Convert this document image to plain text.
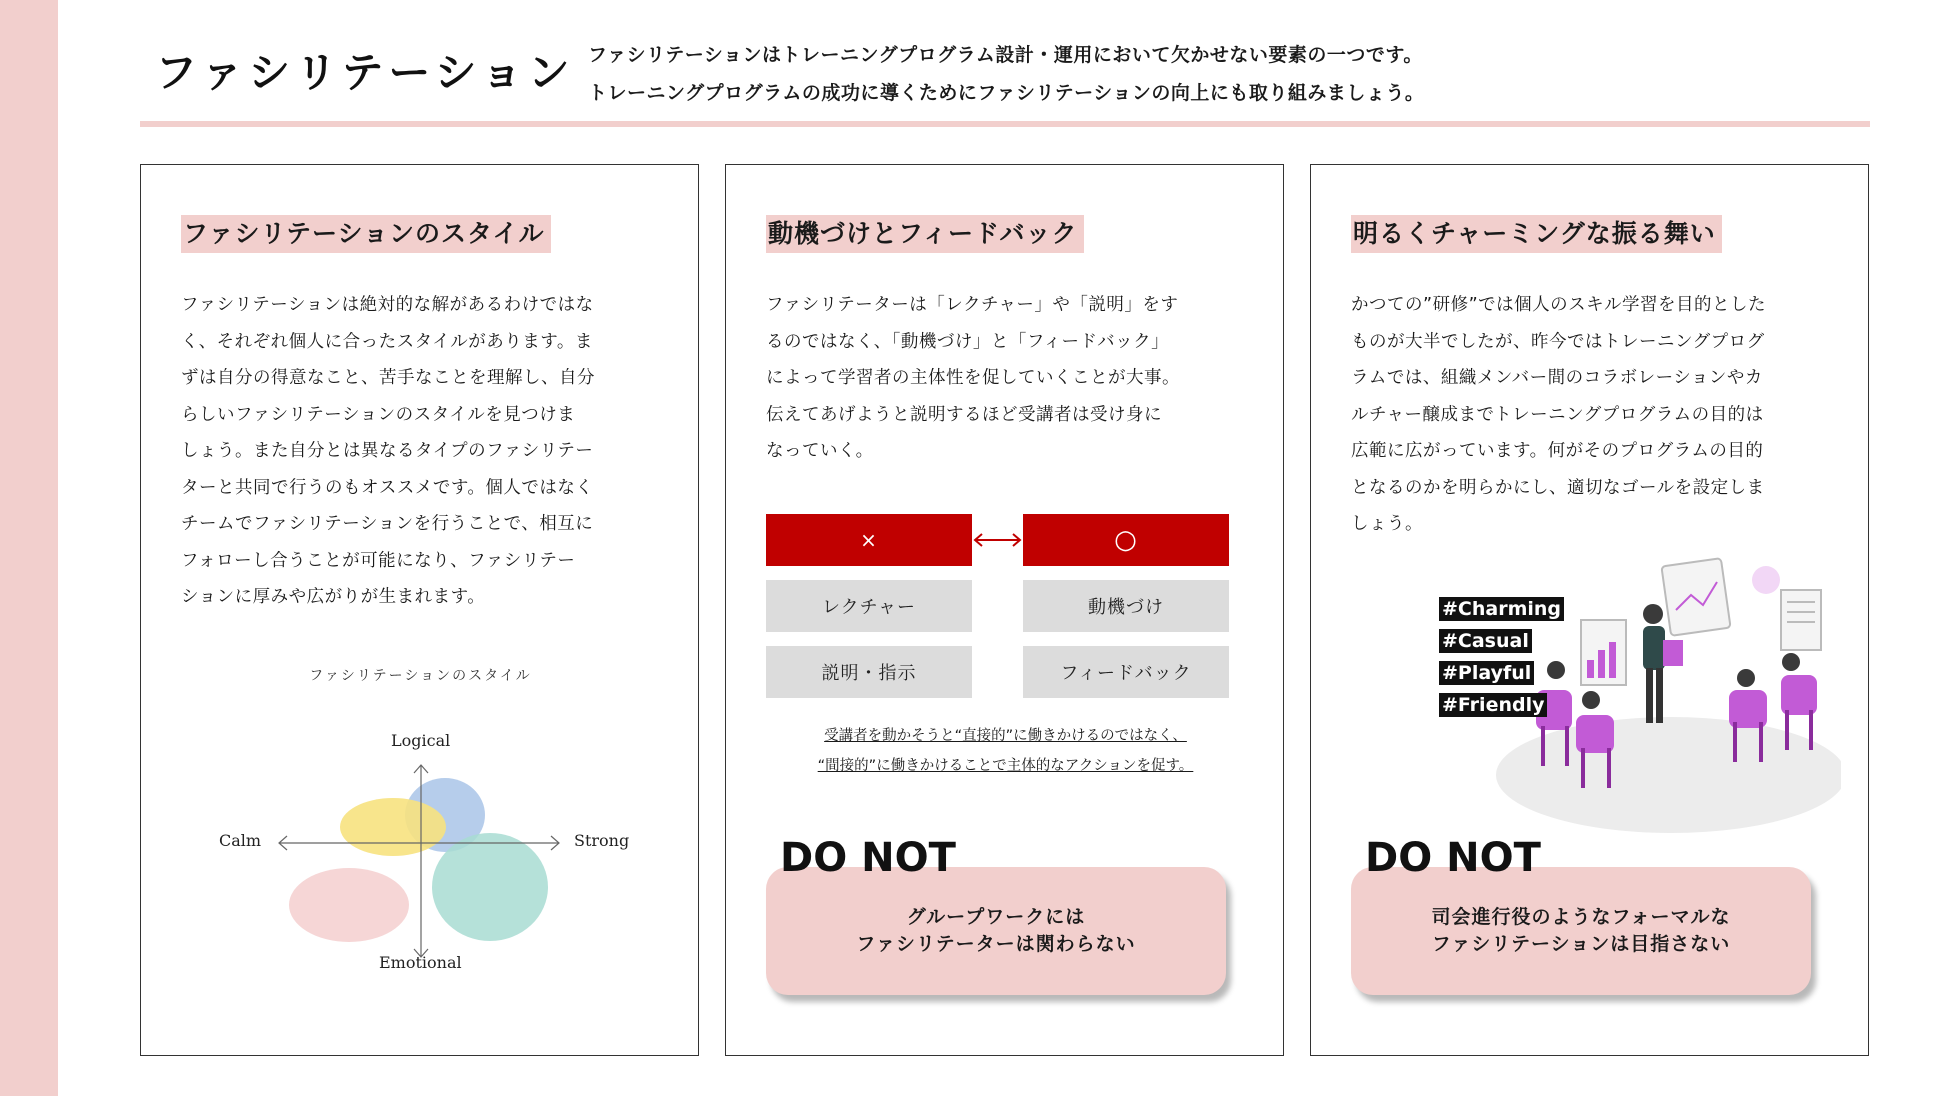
ファシリテーション ファシリテーションはトレーニングプログラム設計・運用において欠かせない要素の一つです。
トレーニングプログラムの成功に導くためにファシリテーションの向上にも取り組みましょう。
ファシリテーションのスタイル
ファシリテーションは絶対的な解があるわけではな
く、それぞれ個人に合ったスタイルがあります。ま
ずは自分の得意なこと、苦手なことを理解し、自分
らしいファシリテーションのスタイルを見つけま
しょう。また自分とは異なるタイプのファシリテー
ターと共同で行うのもオススメです。個人ではなく
チームでファシリテーションを行うことで、相互に
フォローし合うことが可能になり、ファシリテー
ションに厚みや広がりが生まれます。
ファシリテーションのスタイル
Logical
Emotional
Calm	Strong
動機づけとフィードバック
ファシリテーターは「レクチャー」や「説明」をす
るのではなく、「動機づけ」と「フィードバック」
によって学習者の主体性を促していくことが大事。
伝えてあげようと説明するほど受講者は受け身に
なっていく。
×	○
レクチャー	動機づけ
説明・指示	フィードバック
受講者を動かそうと“直接的”に働きかけるのではなく、
“間接的”に働きかけることで主体的なアクションを促す。
DO NOT
グループワークには
ファシリテーターは関わらない
明るくチャーミングな振る舞い
かつての”研修”では個人のスキル学習を目的とした
ものが大半でしたが、昨今ではトレーニングプログ
ラムでは、組織メンバー間のコラボレーションやカ
ルチャー醸成までトレーニングプログラムの目的は
広範に広がっています。何がそのプログラムの目的
となるのかを明らかにし、適切なゴールを設定しま
しょう。
#Charming
#Casual
#Playful
#Friendly
DO NOT
司会進行役のようなフォーマルな
ファシリテーションは目指さない
